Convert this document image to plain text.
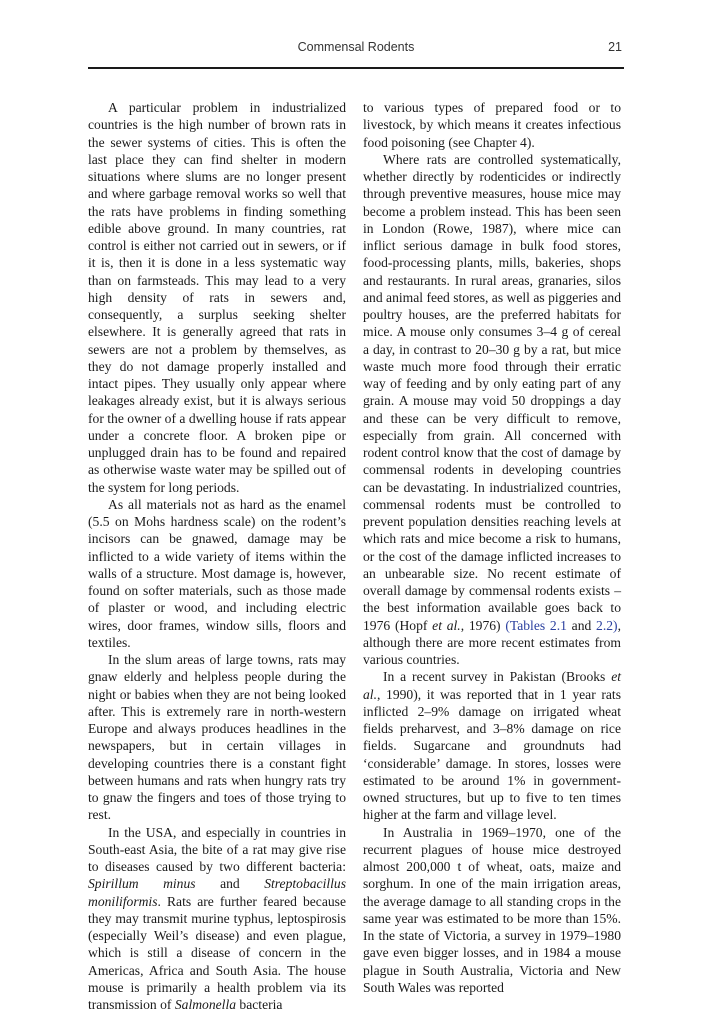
Commensal Rodents	21

A particular problem in industrialized countries is the high number of brown rats in the sewer systems of cities. This is often the last place they can find shelter in modern situations where slums are no longer present and where garbage removal works so well that the rats have problems in finding something edible above ground. In many countries, rat control is either not carried out in sewers, or if it is, then it is done in a less systematic way than on farmsteads. This may lead to a very high density of rats in sewers and, consequently, a surplus seeking shelter elsewhere. It is generally agreed that rats in sewers are not a problem by themselves, as they do not damage properly installed and intact pipes. They usually only appear where leakages already exist, but it is always serious for the owner of a dwelling house if rats appear under a concrete floor. A broken pipe or unplugged drain has to be found and repaired as otherwise waste water may be spilled out of the system for long periods.

As all materials not as hard as the enamel (5.5 on Mohs hardness scale) on the rodent’s incisors can be gnawed, damage may be inflicted to a wide variety of items within the walls of a structure. Most damage is, however, found on softer materials, such as those made of plaster or wood, and including electric wires, door frames, window sills, floors and textiles.

In the slum areas of large towns, rats may gnaw elderly and helpless people during the night or babies when they are not being looked after. This is extremely rare in north-western Europe and always produces headlines in the newspapers, but in certain villages in developing countries there is a constant fight between humans and rats when hungry rats try to gnaw the fingers and toes of those trying to rest.

In the USA, and especially in countries in South-east Asia, the bite of a rat may give rise to diseases caused by two different bacteria: Spirillum minus and Streptobacillus moniliformis. Rats are further feared because they may transmit murine typhus, leptospirosis (especially Weil’s disease) and even plague, which is still a disease of concern in the Americas, Africa and South Asia. The house mouse is primarily a health problem via its transmission of Salmonella bacteria

to various types of prepared food or to livestock, by which means it creates infectious food poisoning (see Chapter 4).

Where rats are controlled systematically, whether directly by rodenticides or indirectly through preventive measures, house mice may become a problem instead. This has been seen in London (Rowe, 1987), where mice can inflict serious damage in bulk food stores, food-processing plants, mills, bakeries, shops and restaurants. In rural areas, granaries, silos and animal feed stores, as well as piggeries and poultry houses, are the preferred habitats for mice. A mouse only consumes 3–4 g of cereal a day, in contrast to 20–30 g by a rat, but mice waste much more food through their erratic way of feeding and by only eating part of any grain. A mouse may void 50 droppings a day and these can be very difficult to remove, especially from grain. All concerned with rodent control know that the cost of damage by commensal rodents in developing countries can be devastating. In industrialized countries, commensal rodents must be controlled to prevent population densities reaching levels at which rats and mice become a risk to humans, or the cost of the damage inflicted increases to an unbearable size. No recent estimate of overall damage by commensal rodents exists – the best information available goes back to 1976 (Hopf et al., 1976) (Tables 2.1 and 2.2), although there are more recent estimates from various countries.

In a recent survey in Pakistan (Brooks et al., 1990), it was reported that in 1 year rats inflicted 2–9% damage on irrigated wheat fields preharvest, and 3–8% damage on rice fields. Sugarcane and groundnuts had ‘considerable’ damage. In stores, losses were estimated to be around 1% in government-owned structures, but up to five to ten times higher at the farm and village level.

In Australia in 1969–1970, one of the recurrent plagues of house mice destroyed almost 200,000 t of wheat, oats, maize and sorghum. In one of the main irrigation areas, the average damage to all standing crops in the same year was estimated to be more than 15%. In the state of Victoria, a survey in 1979–1980 gave even bigger losses, and in 1984 a mouse plague in South Australia, Victoria and New South Wales was reported
